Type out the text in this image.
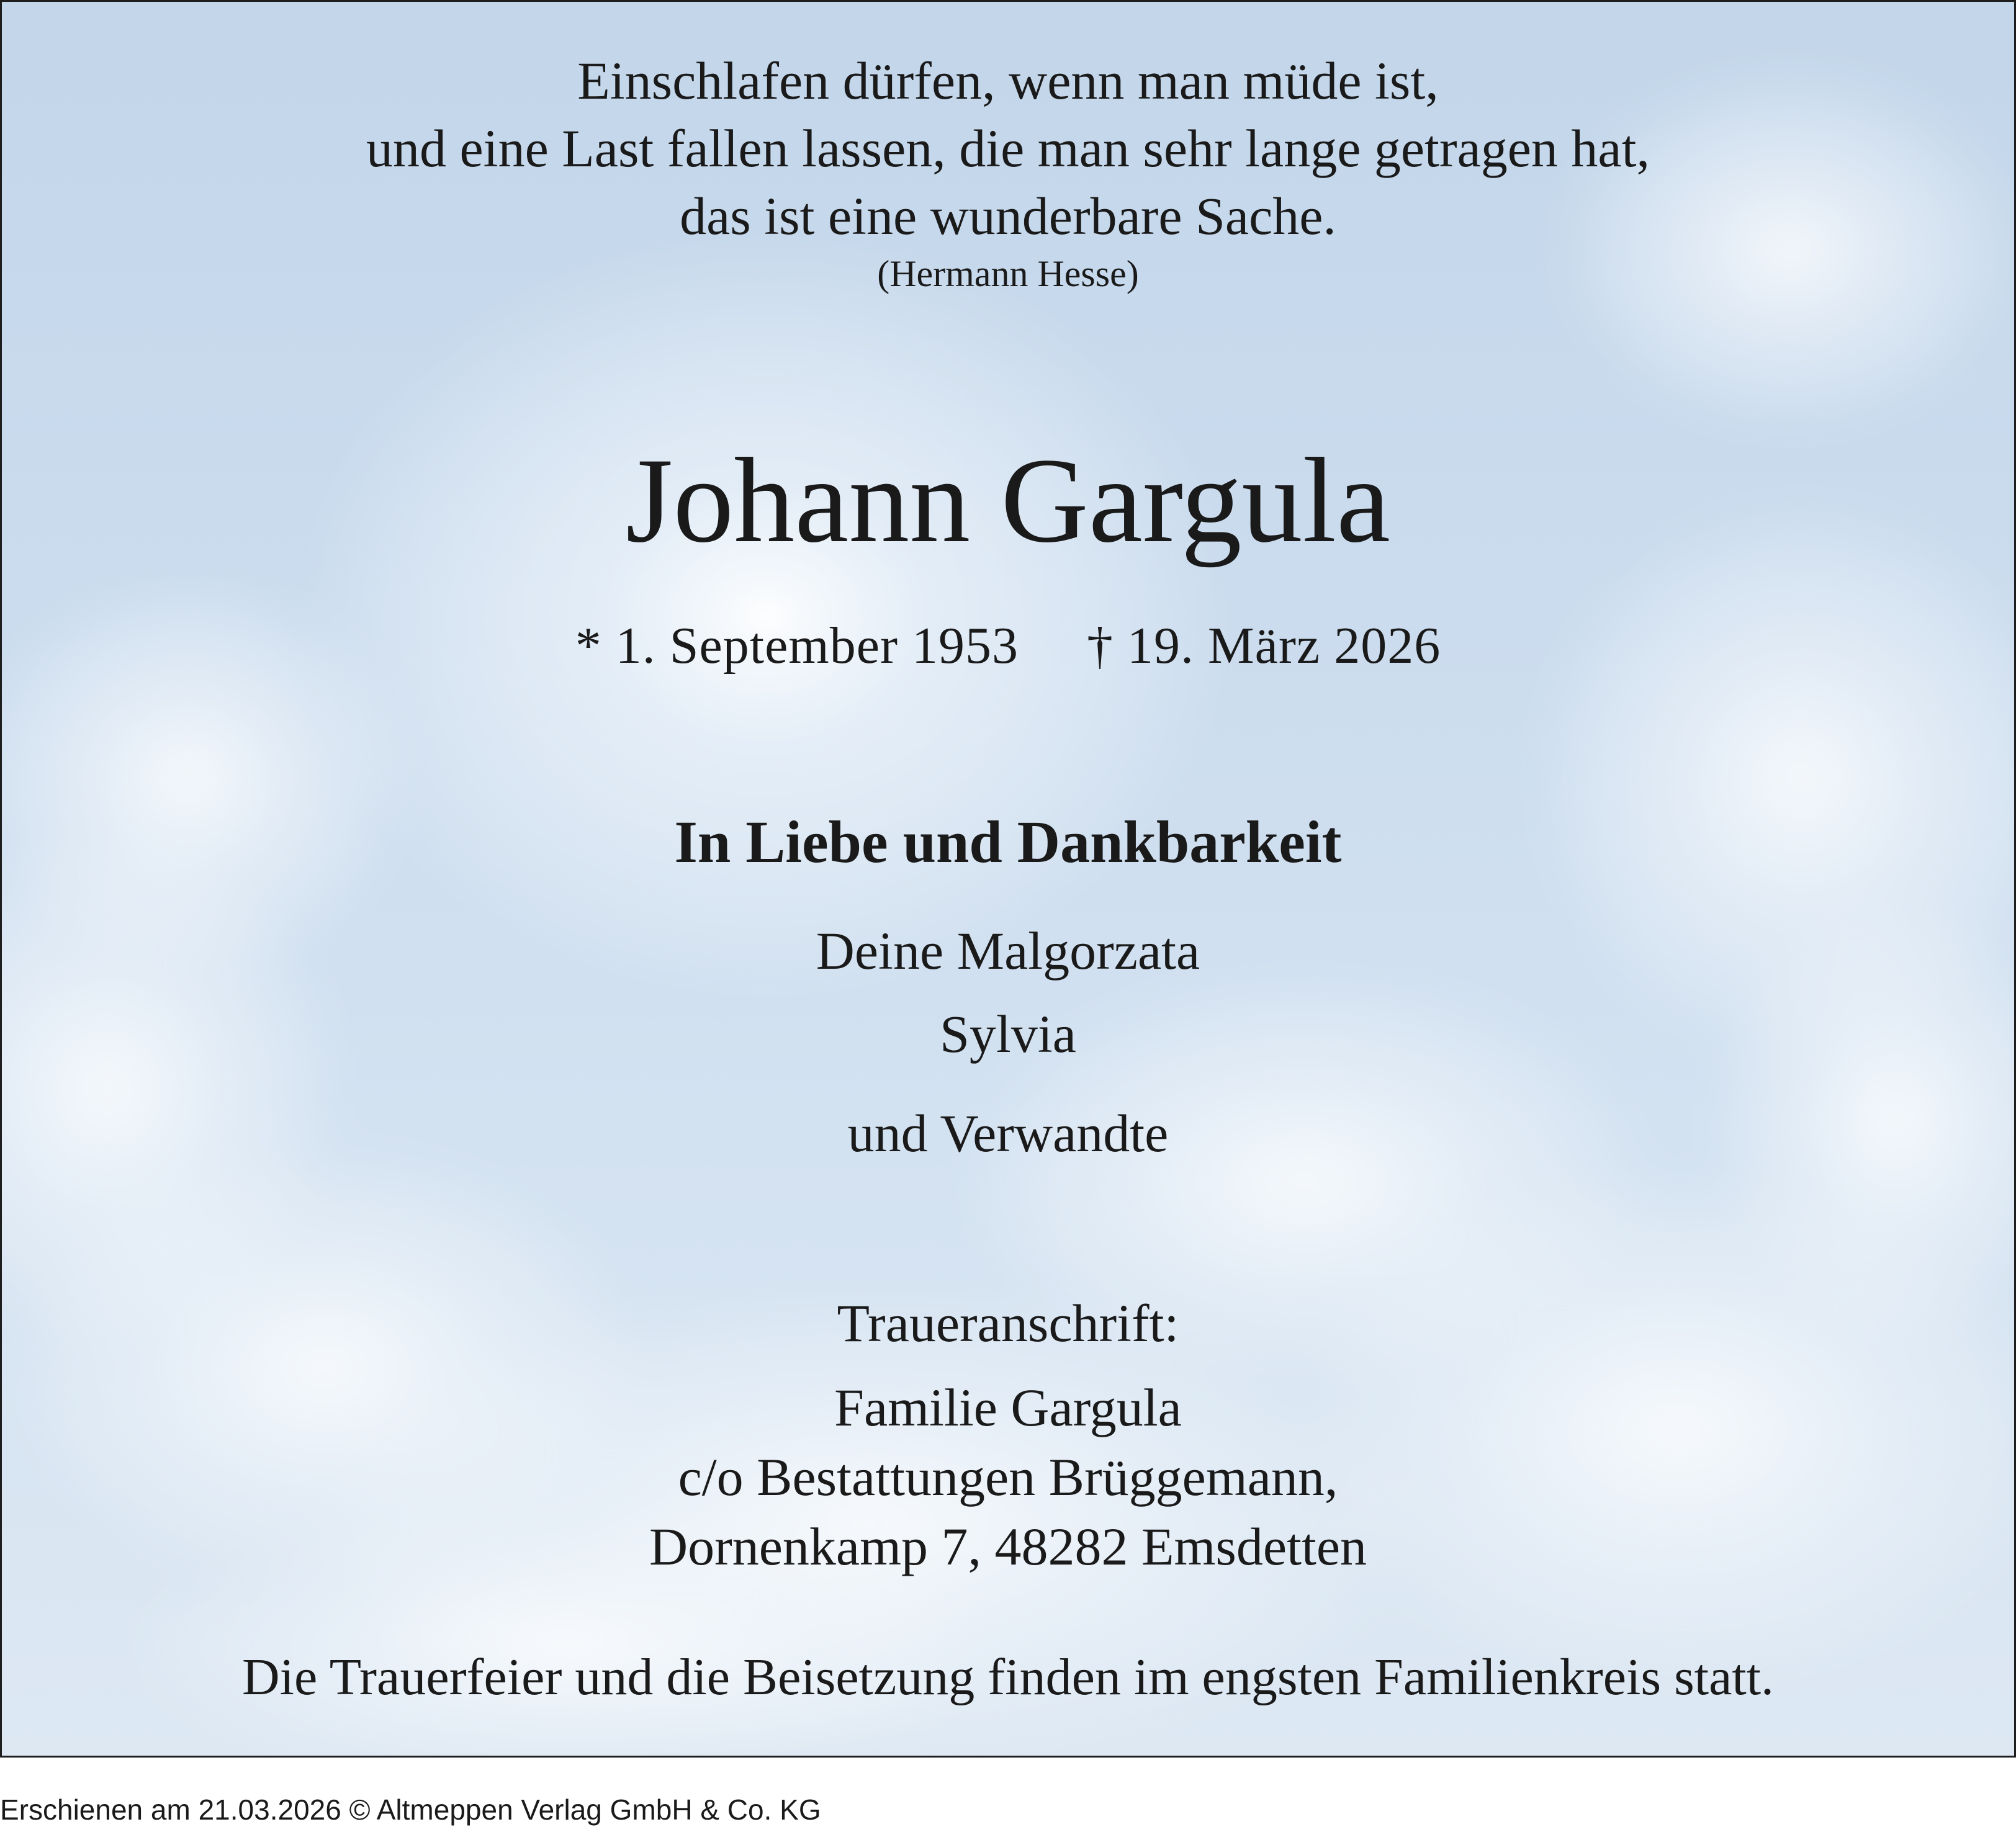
Einschlafen dürfen, wenn man müde ist,
und eine Last fallen lassen, die man sehr lange getragen hat,
das ist eine wunderbare Sache.
(Hermann Hesse)
Johann Gargula
* 1. September 1953 † 19. März 2026
In Liebe und Dankbarkeit
Deine Malgorzata
Sylvia
und Verwandte
Traueranschrift:
Familie Gargula
c/o Bestattungen Brüggemann,
Dornenkamp 7, 48282 Emsdetten
Die Trauerfeier und die Beisetzung finden im engsten Familienkreis statt.
Erschienen am 21.03.2026 © Altmeppen Verlag GmbH & Co. KG
